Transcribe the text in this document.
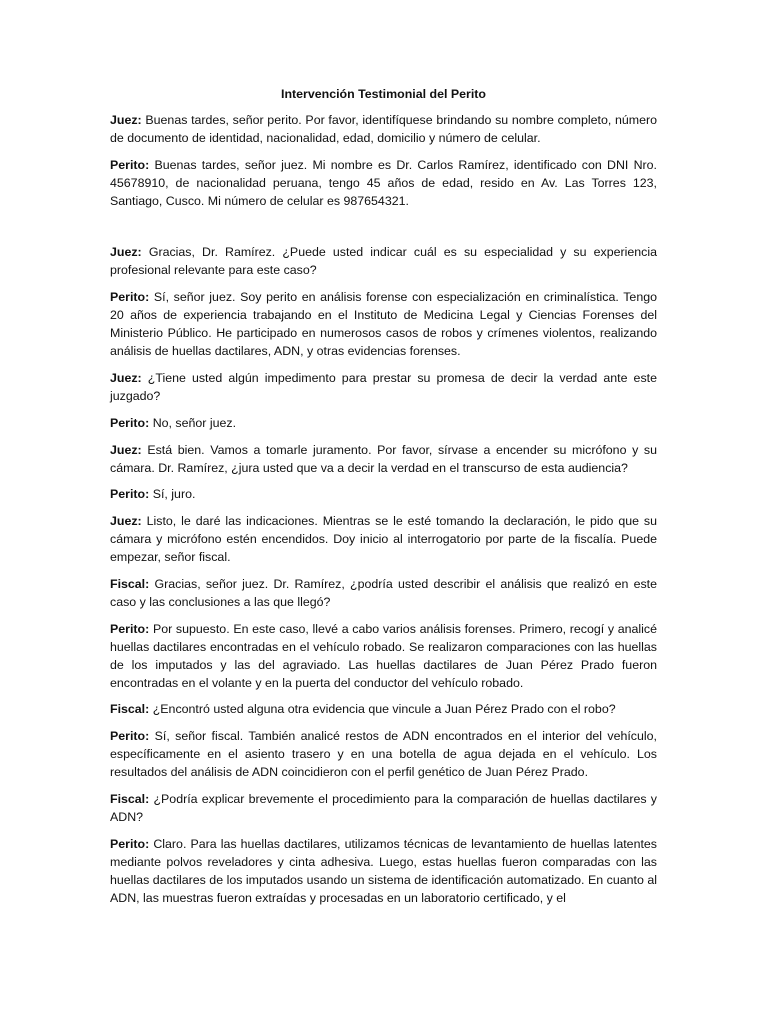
Intervención Testimonial del Perito

Juez: Buenas tardes, señor perito. Por favor, identifíquese brindando su nombre completo, número de documento de identidad, nacionalidad, edad, domicilio y número de celular.

Perito: Buenas tardes, señor juez. Mi nombre es Dr. Carlos Ramírez, identificado con DNI Nro. 45678910, de nacionalidad peruana, tengo 45 años de edad, resido en Av. Las Torres 123, Santiago, Cusco. Mi número de celular es 987654321.

Juez: Gracias, Dr. Ramírez. ¿Puede usted indicar cuál es su especialidad y su experiencia profesional relevante para este caso?

Perito: Sí, señor juez. Soy perito en análisis forense con especialización en criminalística. Tengo 20 años de experiencia trabajando en el Instituto de Medicina Legal y Ciencias Forenses del Ministerio Público. He participado en numerosos casos de robos y crímenes violentos, realizando análisis de huellas dactilares, ADN, y otras evidencias forenses.

Juez: ¿Tiene usted algún impedimento para prestar su promesa de decir la verdad ante este juzgado?

Perito: No, señor juez.

Juez: Está bien. Vamos a tomarle juramento. Por favor, sírvase a encender su micrófono y su cámara. Dr. Ramírez, ¿jura usted que va a decir la verdad en el transcurso de esta audiencia?

Perito: Sí, juro.

Juez: Listo, le daré las indicaciones. Mientras se le esté tomando la declaración, le pido que su cámara y micrófono estén encendidos. Doy inicio al interrogatorio por parte de la fiscalía. Puede empezar, señor fiscal.

Fiscal: Gracias, señor juez. Dr. Ramírez, ¿podría usted describir el análisis que realizó en este caso y las conclusiones a las que llegó?

Perito: Por supuesto. En este caso, llevé a cabo varios análisis forenses. Primero, recogí y analicé huellas dactilares encontradas en el vehículo robado. Se realizaron comparaciones con las huellas de los imputados y las del agraviado. Las huellas dactilares de Juan Pérez Prado fueron encontradas en el volante y en la puerta del conductor del vehículo robado.

Fiscal: ¿Encontró usted alguna otra evidencia que vincule a Juan Pérez Prado con el robo?

Perito: Sí, señor fiscal. También analicé restos de ADN encontrados en el interior del vehículo, específicamente en el asiento trasero y en una botella de agua dejada en el vehículo. Los resultados del análisis de ADN coincidieron con el perfil genético de Juan Pérez Prado.

Fiscal: ¿Podría explicar brevemente el procedimiento para la comparación de huellas dactilares y ADN?

Perito: Claro. Para las huellas dactilares, utilizamos técnicas de levantamiento de huellas latentes mediante polvos reveladores y cinta adhesiva. Luego, estas huellas fueron comparadas con las huellas dactilares de los imputados usando un sistema de identificación automatizado. En cuanto al ADN, las muestras fueron extraídas y procesadas en un laboratorio certificado, y el
